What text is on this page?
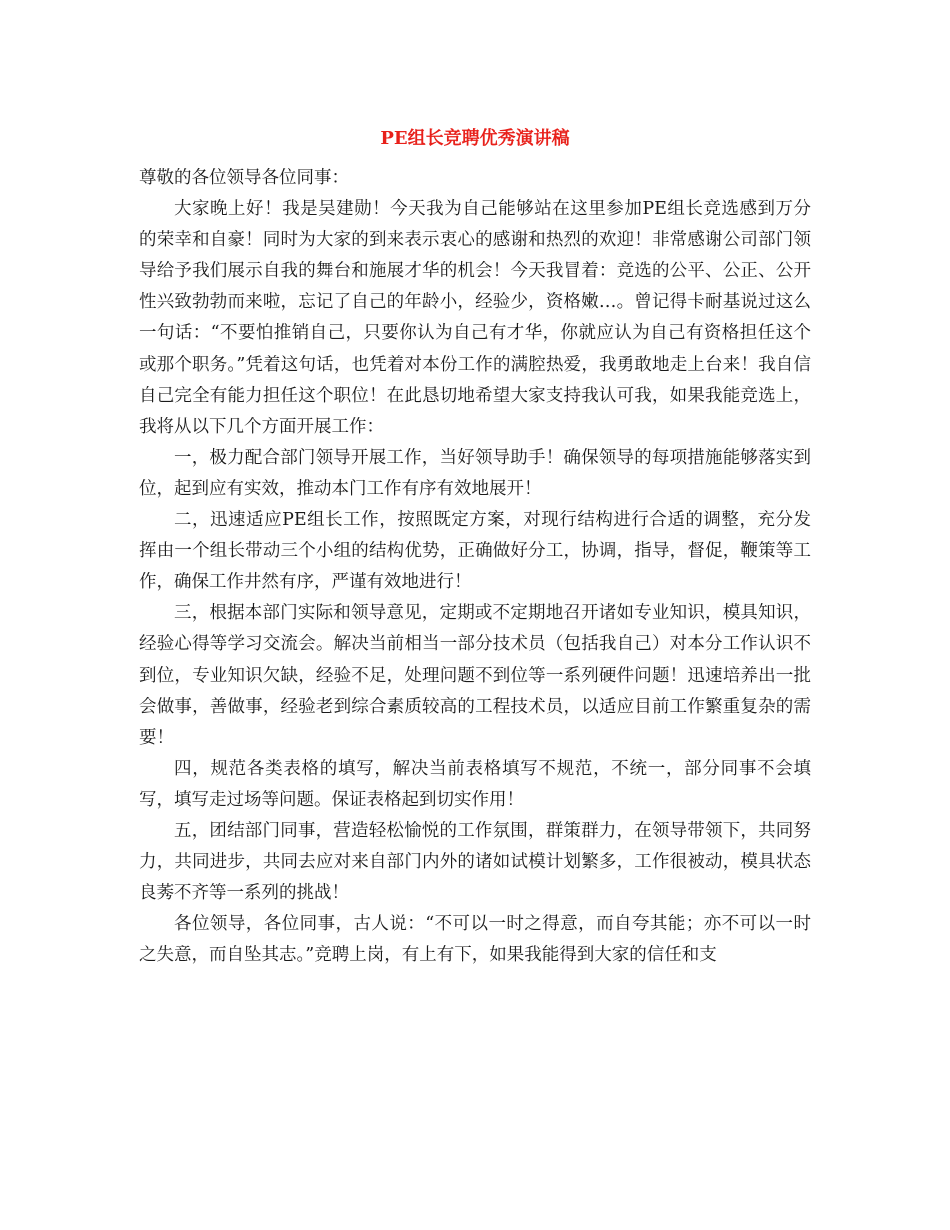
PE组长竞聘优秀演讲稿

尊敬的各位领导各位同事：

大家晚上好！我是吴建勋！今天我为自己能够站在这里参加PE组长竞选感到万分的荣幸和自豪！同时为大家的到来表示衷心的感谢和热烈的欢迎！非常感谢公司部门领导给予我们展示自我的舞台和施展才华的机会！今天我冒着：竞选的公平、公正、公开性兴致勃勃而来啦，忘记了自己的年龄小，经验少，资格嫩…。曾记得卡耐基说过这么一句话：“不要怕推销自己，只要你认为自己有才华，你就应认为自己有资格担任这个或那个职务。”凭着这句话，也凭着对本份工作的满腔热爱，我勇敢地走上台来！我自信自己完全有能力担任这个职位！在此恳切地希望大家支持我认可我，如果我能竞选上，我将从以下几个方面开展工作：

一，极力配合部门领导开展工作，当好领导助手！确保领导的每项措施能够落实到位，起到应有实效，推动本门工作有序有效地展开！

二，迅速适应PE组长工作，按照既定方案，对现行结构进行合适的调整，充分发挥由一个组长带动三个小组的结构优势，正确做好分工，协调，指导，督促，鞭策等工作，确保工作井然有序，严谨有效地进行！

三，根据本部门实际和领导意见，定期或不定期地召开诸如专业知识，模具知识，经验心得等学习交流会。解决当前相当一部分技术员（包括我自己）对本分工作认识不到位，专业知识欠缺，经验不足，处理问题不到位等一系列硬件问题！迅速培养出一批会做事，善做事，经验老到综合素质较高的工程技术员，以适应目前工作繁重复杂的需要！

四，规范各类表格的填写，解决当前表格填写不规范，不统一，部分同事不会填写，填写走过场等问题。保证表格起到切实作用！

五，团结部门同事，营造轻松愉悦的工作氛围，群策群力，在领导带领下，共同努力，共同进步，共同去应对来自部门内外的诸如试模计划繁多，工作很被动，模具状态良莠不齐等一系列的挑战！

各位领导，各位同事，古人说：“不可以一时之得意，而自夸其能；亦不可以一时之失意，而自坠其志。”竞聘上岗，有上有下，如果我能得到大家的信任和支
